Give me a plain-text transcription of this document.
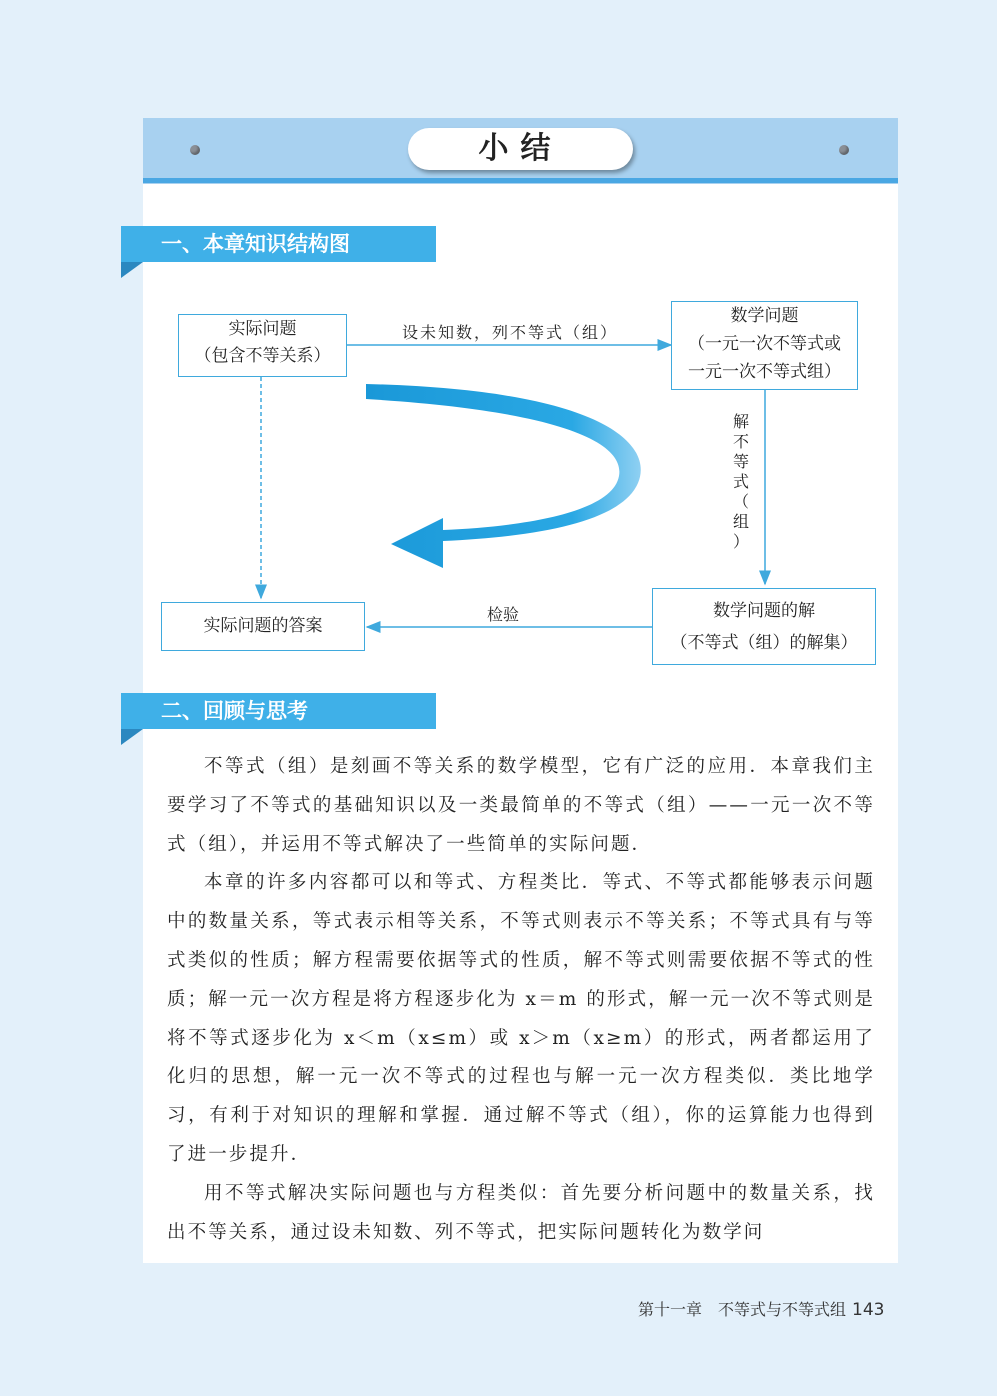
小结
一、本章知识结构图
实际问题
（包含不等关系）
设未知数，列不等式（组）
数学问题
（一元一次不等式或
一元一次不等式组）
解
不
等
式
（
组
）
数学问题的解
（不等式（组）的解集）
检验
实际问题的答案
二、回顾与思考

不等式（组）是刻画不等关系的数学模型，它有广泛的应用．本章我们主要学习了不等式的基础知识以及一类最简单的不等式（组）——一元一次不等式（组），并运用不等式解决了一些简单的实际问题．

本章的许多内容都可以和等式、方程类比．等式、不等式都能够表示问题中的数量关系，等式表示相等关系，不等式则表示不等关系；不等式具有与等式类似的性质；解方程需要依据等式的性质，解不等式则需要依据不等式的性质；解一元一次方程是将方程逐步化为 x＝m 的形式，解一元一次不等式则是将不等式逐步化为 x＜m（x≤m）或 x＞m（x≥m）的形式，两者都运用了化归的思想，解一元一次不等式的过程也与解一元一次方程类似．类比地学习，有利于对知识的理解和掌握．通过解不等式（组），你的运算能力也得到了进一步提升．

用不等式解决实际问题也与方程类似：首先要分析问题中的数量关系，找出不等关系，通过设未知数、列不等式，把实际问题转化为数学问

第十一章　不等式与不等式组 143
